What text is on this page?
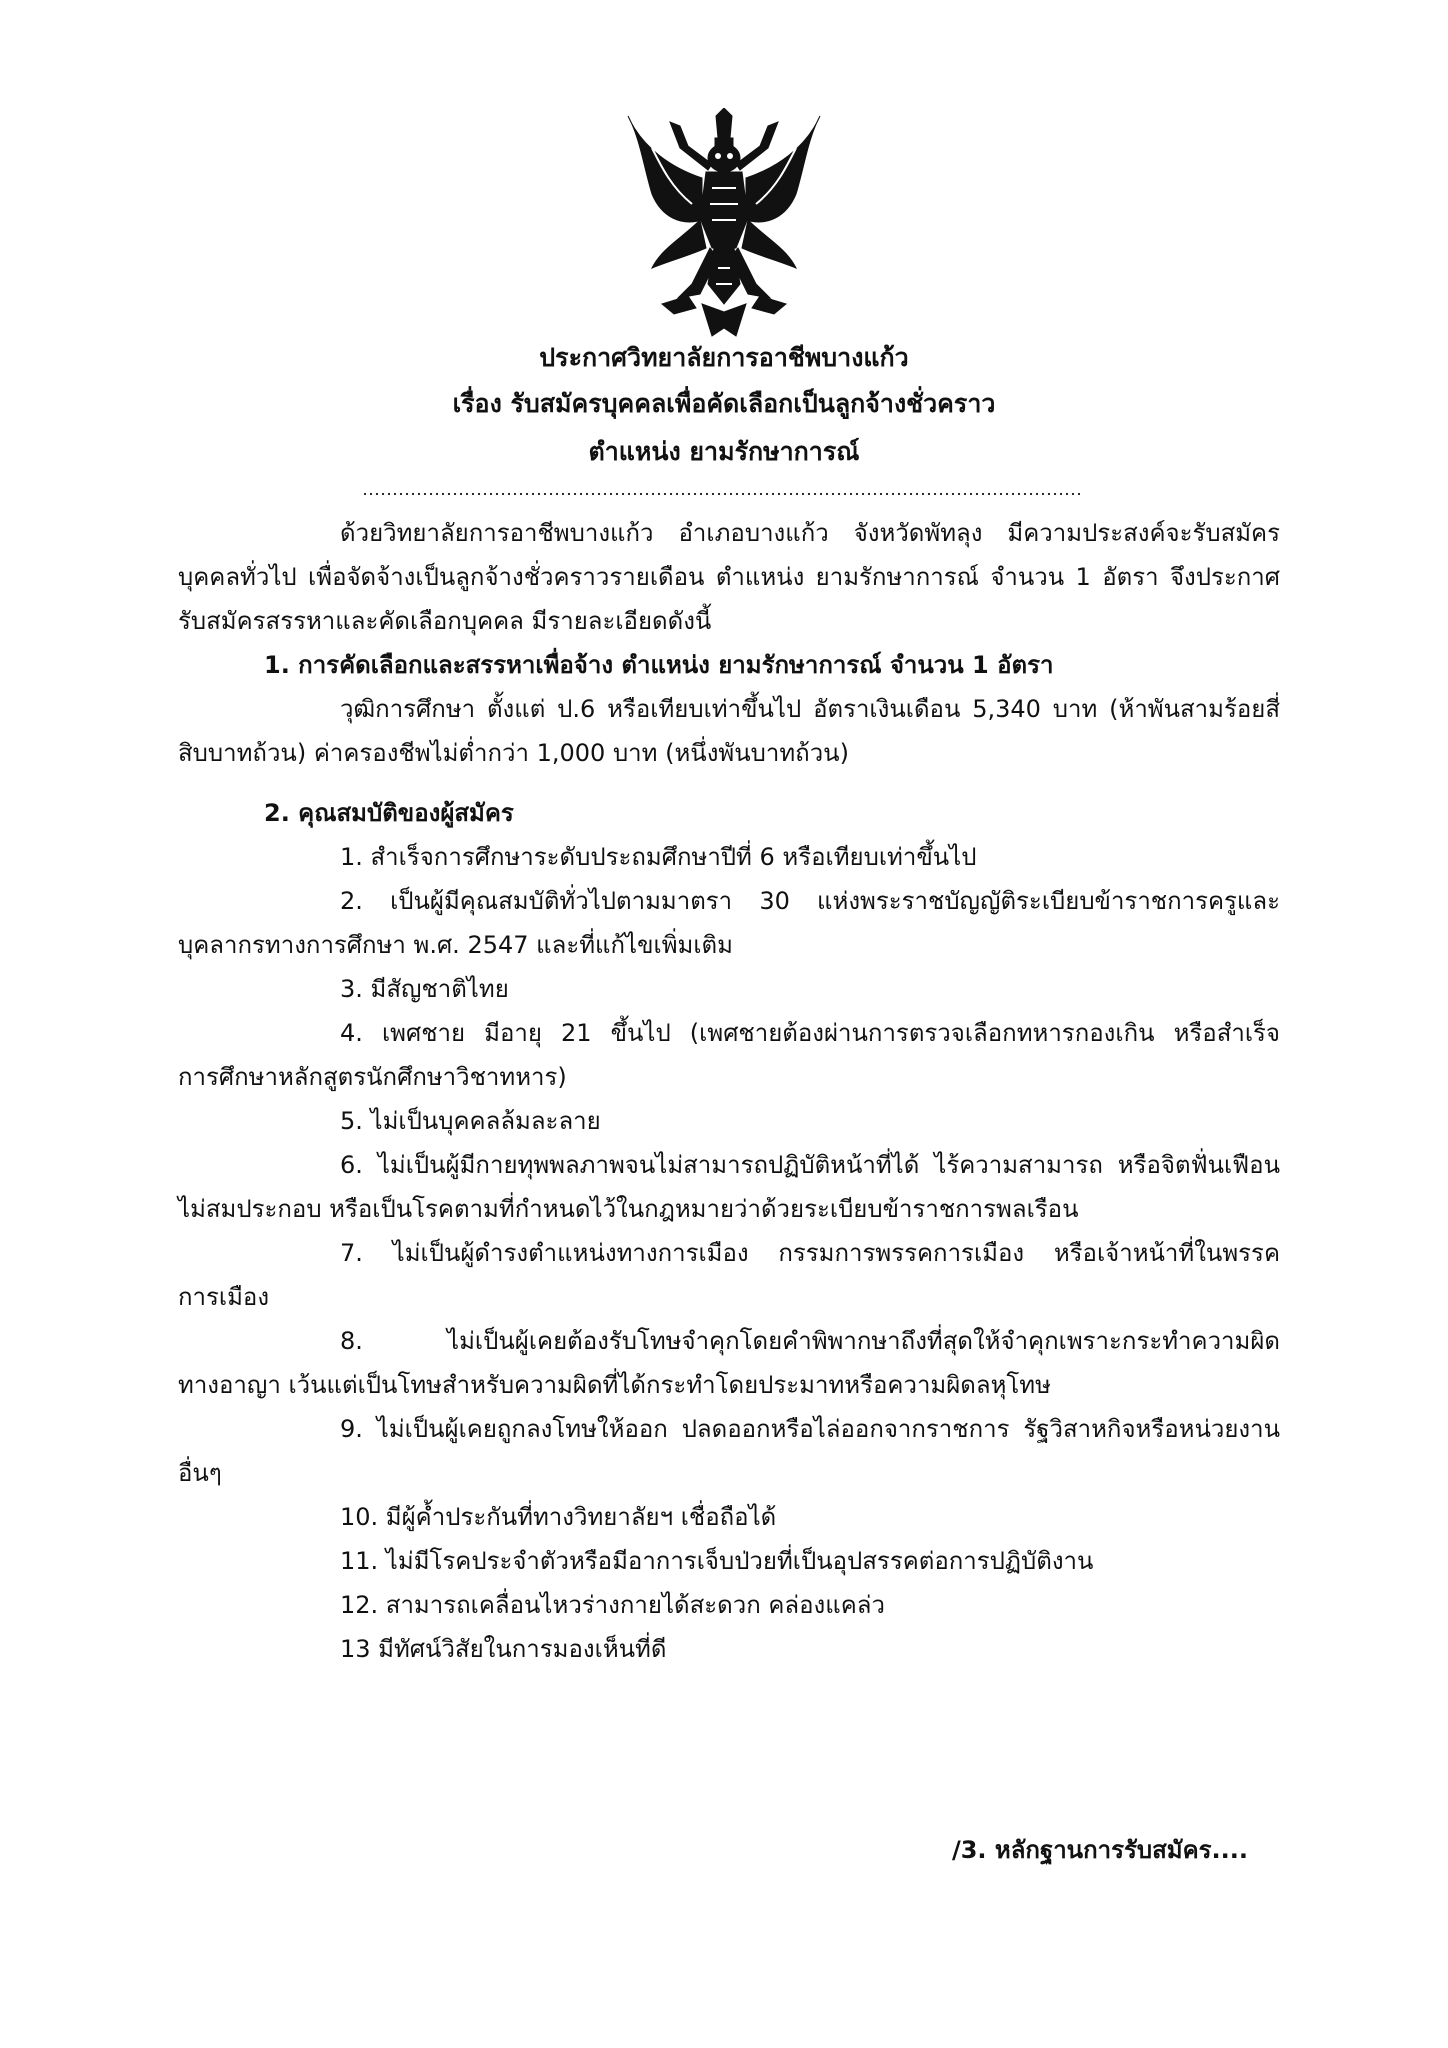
ประกาศวิทยาลัยการอาชีพบางแก้ว
เรื่อง รับสมัครบุคคลเพื่อคัดเลือกเป็นลูกจ้างชั่วคราว
ตำแหน่ง ยามรักษาการณ์
ด้วยวิทยาลัยการอาชีพบางแก้ว อำเภอบางแก้ว จังหวัดพัทลุง มีความประสงค์จะรับสมัคร
บุคคลทั่วไป เพื่อจัดจ้างเป็นลูกจ้างชั่วคราวรายเดือน ตำแหน่ง ยามรักษาการณ์ จำนวน 1 อัตรา จึงประกาศ
รับสมัครสรรหาและคัดเลือกบุคคล มีรายละเอียดดังนี้
1. การคัดเลือกและสรรหาเพื่อจ้าง ตำแหน่ง ยามรักษาการณ์ จำนวน 1 อัตรา
วุฒิการศึกษา ตั้งแต่ ป.6 หรือเทียบเท่าขึ้นไป อัตราเงินเดือน 5,340 บาท (ห้าพันสามร้อยสี่
สิบบาทถ้วน) ค่าครองชีพไม่ต่ำกว่า 1,000 บาท (หนึ่งพันบาทถ้วน)
2. คุณสมบัติของผู้สมัคร
1. สำเร็จการศึกษาระดับประถมศึกษาปีที่ 6 หรือเทียบเท่าขึ้นไป
2. เป็นผู้มีคุณสมบัติทั่วไปตามมาตรา 30 แห่งพระราชบัญญัติระเบียบข้าราชการครูและ
บุคลากรทางการศึกษา พ.ศ. 2547 และที่แก้ไขเพิ่มเติม
3. มีสัญชาติไทย
4. เพศชาย มีอายุ 21 ขึ้นไป (เพศชายต้องผ่านการตรวจเลือกทหารกองเกิน หรือสำเร็จ
การศึกษาหลักสูตรนักศึกษาวิชาทหาร)
5. ไม่เป็นบุคคลล้มละลาย
6. ไม่เป็นผู้มีกายทุพพลภาพจนไม่สามารถปฏิบัติหน้าที่ได้ ไร้ความสามารถ หรือจิตฟั่นเฟือน
ไม่สมประกอบ หรือเป็นโรคตามที่กำหนดไว้ในกฎหมายว่าด้วยระเบียบข้าราชการพลเรือน
7. ไม่เป็นผู้ดำรงตำแหน่งทางการเมือง กรรมการพรรคการเมือง หรือเจ้าหน้าที่ในพรรค
การเมือง
8. ไม่เป็นผู้เคยต้องรับโทษจำคุกโดยคำพิพากษาถึงที่สุดให้จำคุกเพราะกระทำความผิด
ทางอาญา เว้นแต่เป็นโทษสำหรับความผิดที่ได้กระทำโดยประมาทหรือความผิดลหุโทษ
9. ไม่เป็นผู้เคยถูกลงโทษให้ออก ปลดออกหรือไล่ออกจากราชการ รัฐวิสาหกิจหรือหน่วยงาน
อื่นๆ
10. มีผู้ค้ำประกันที่ทางวิทยาลัยฯ เชื่อถือได้
11. ไม่มีโรคประจำตัวหรือมีอาการเจ็บป่วยที่เป็นอุปสรรคต่อการปฏิบัติงาน
12. สามารถเคลื่อนไหวร่างกายได้สะดวก คล่องแคล่ว
13 มีทัศน์วิสัยในการมองเห็นที่ดี
/3. หลักฐานการรับสมัคร....
